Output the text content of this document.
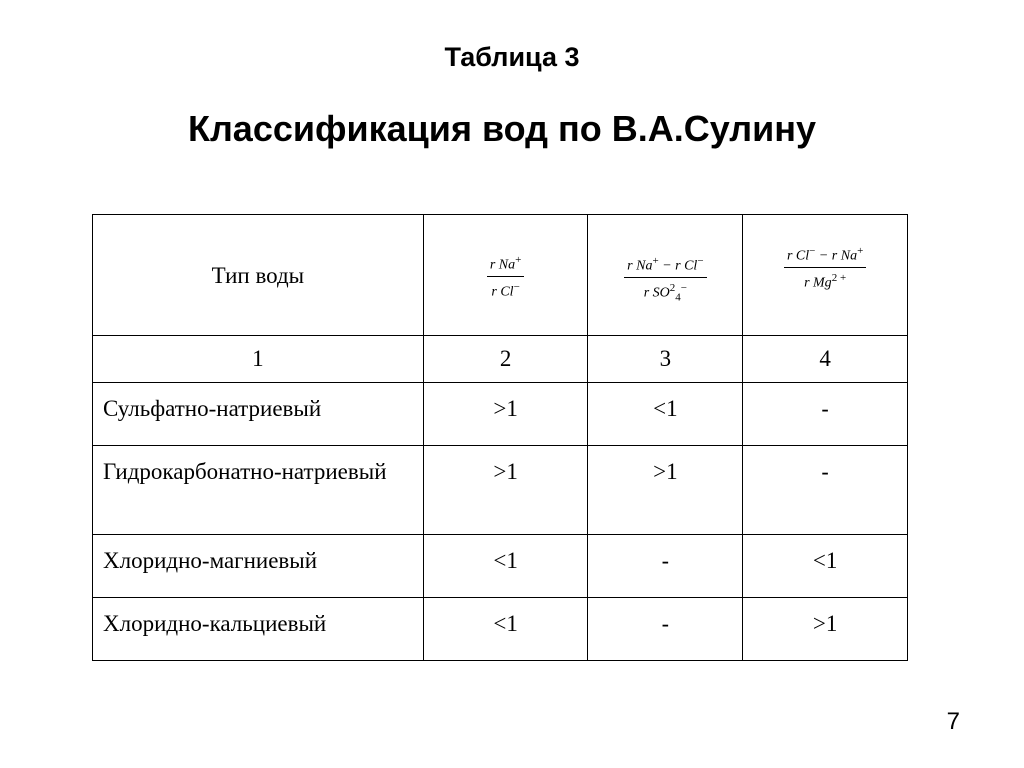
Таблица 3
Классификация вод по В.А.Сулину
Тип воды	$\frac{r Na^+}{r Cl^-}$	$\frac{r Na^+ - r Cl^-}{r SO^2_4^-}$	$\frac{r Cl^- - r Na^+}{r Mg^{2 +}}$

1	2	3	4
Сульфатно-натриевый	>1	<1	-
Гидрокарбонатно-натриевый	>1	>1	-
Хлоридно-магниевый	<1	-	<1
Хлоридно-кальциевый	<1	-	>1
7
